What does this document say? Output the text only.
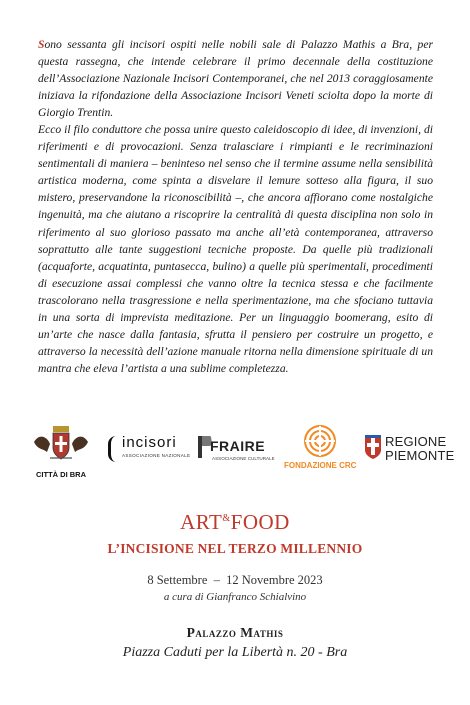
Sono sessanta gli incisori ospiti nelle nobili sale di Palazzo Mathis a Bra, per questa rassegna, che intende celebrare il primo decennale della costituzione dell’Associazione Nazionale Incisori Contemporanei, che nel 2013 coraggiosamente iniziava la rifondazione della Associazione Incisori Veneti sciolta dopo la morte di Giorgio Trentin.

Ecco il filo conduttore che possa unire questo caleidoscopio di idee, di invenzioni, di riferimenti e di provocazioni. Senza tralasciare i rimpianti e le recriminazioni sentimentali di maniera – beninteso nel senso che il termine assume nella sensibilità artistica moderna, come spinta a disvelare il lemure sotteso alla figura, il suo mistero, preservandone la riconoscibilità –, che ancora affiorano come nostalgiche ingenuità, ma che aiutano a riscoprire la centralità di questa disciplina non solo in riferimento al suo glorioso passato ma anche all’età contemporanea, attraverso soprattutto alle tante suggestioni tecniche proposte. Da quelle più tradizionali (acquaforte, acquatinta, puntasecca, bulino) a quelle più sperimentali, procedimenti di esecuzione assai complessi che vanno oltre la tecnica stessa e che facilmente trascolorano nella trasgressione e nella sperimentazione, ma che sfociano tuttavia in una sorta di imprevista meditazione. Per un linguaggio boomerang, esito di un’arte che nasce dalla fantasia, sfrutta il pensiero per costruire un progetto, e attraverso la necessità dell’azione manuale ritorna nella dimensione spirituale di un mantra che eleva l’artista a una sublime completezza.

CITTÀ DI BRA
incisori
ASSOCIAZIONE NAZIONALE
FRAIRE
ASSOCIAZIONE CULTURALE
FONDAZIONE CRC
REGIONE
PIEMONTE
ART&FOOD
L’INCISIONE NEL TERZO MILLENNIO
8 Settembre  –  12 Novembre 2023
a cura di Gianfranco Schialvino
Palazzo Mathis
Piazza Caduti per la Libertà n. 20 - Bra
